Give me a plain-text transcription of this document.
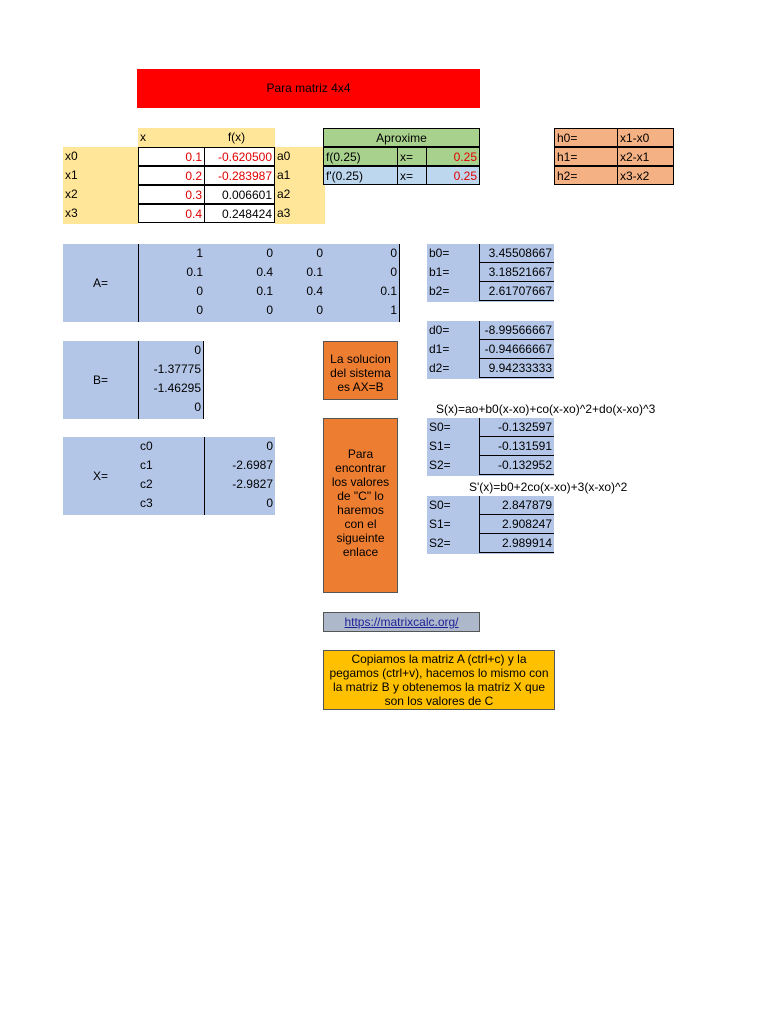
Para matriz 4x4
x	f(x)
x0	0.1	-0.620500 a0
x1	0.2	-0.283987 a1
x2	0.3	0.006601 a2
x3	0.4	0.248424 a3
Aproxime
f(0.25)	x=	0.25
f'(0.25)	x=	0.25
h0=	x1-x0
h1=	x2-x1
h2=	x3-x2
A=
1	0	0	0
0.1	0.4	0.1	0
0	0.1	0.4	0.1
0	0	0	1
b0=	3.45508667
b1=	3.18521667
b2=	2.61707667
d0=	-8.99566667
d1=	-0.94666667
d2=	9.94233333
B=
0
-1.37775
-1.46295
0
La solucion del sistema es AX=B
S(x)=ao+b0(x-xo)+co(x-xo)^2+do(x-xo)^3
S0=	-0.132597
S1=	-0.131591
S2=	-0.132952
X=
c0	0
c1	-2.6987
c2	-2.9827
c3	0
S'(x)=b0+2co(x-xo)+3(x-xo)^2
S0=	2.847879
S1=	2.908247
S2=	2.989914
Para encontrar los valores de "C" lo haremos con el sigueinte enlace
https://matrixcalc.org/
Copiamos la matriz A (ctrl+c) y la pegamos (ctrl+v), hacemos lo mismo con la matriz B y obtenemos la matriz X que son los valores de C
